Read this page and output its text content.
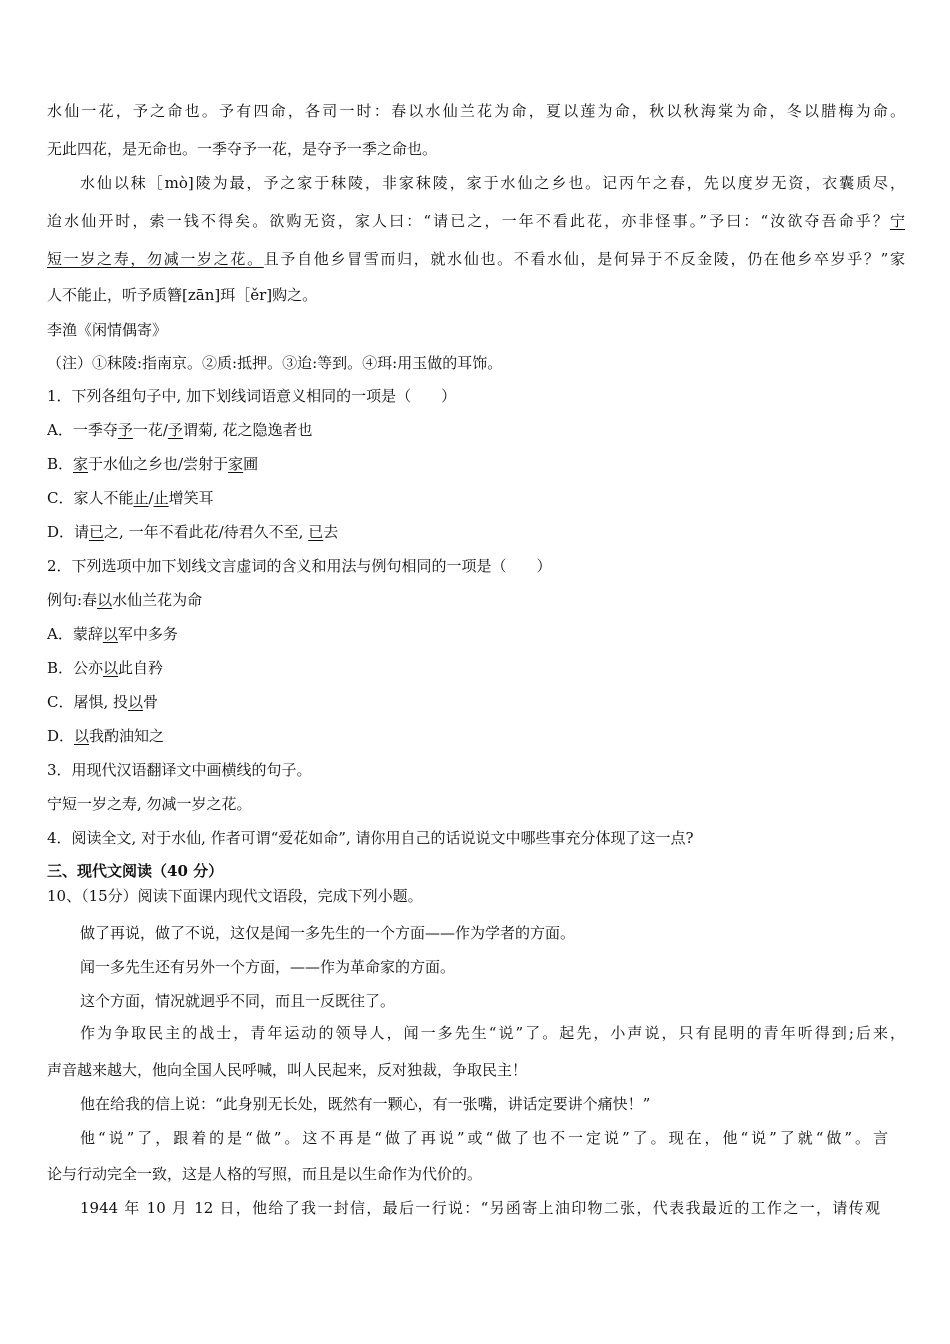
水仙一花，予之命也。予有四命，各司一时：春以水仙兰花为命，夏以莲为命，秋以秋海棠为命，冬以腊梅为命。
无此四花，是无命也。一季夺予一花，是夺予一季之命也。
水仙以秣［mò]陵为最，予之家于秣陵，非家秣陵，家于水仙之乡也。记丙午之春，先以度岁无资，衣囊质尽，
迨水仙开时，索一钱不得矣。欲购无资，家人曰：“请已之，一年不看此花，亦非怪事。”予曰：“汝欲夺吾命乎？宁
短一岁之寿，勿减一岁之花。且予自他乡冒雪而归，就水仙也。不看水仙，是何异于不反金陵，仍在他乡卒岁乎？”家
人不能止，听予质簪[zān]珥［ěr]购之。
李渔《闲情偶寄》
（注）①秣陵:指南京。②质:抵押。③迨:等到。④珥:用玉做的耳饰。
1．下列各组句子中, 加下划线词语意义相同的一项是（　　）
A．一季夺予一花/予谓菊, 花之隐逸者也
B．家于水仙之乡也/尝射于家圃
C．家人不能止/止增笑耳
D．请已之, 一年不看此花/待君久不至, 已去
2．下列选项中加下划线文言虚词的含义和用法与例句相同的一项是（　　）
例句:春以水仙兰花为命
A．蒙辞以军中多务
B．公亦以此自矜
C．屠惧, 投以骨
D．以我酌油知之
3．用现代汉语翻译文中画横线的句子。
宁短一岁之寿, 勿减一岁之花。
4．阅读全文, 对于水仙, 作者可谓“爱花如命”, 请你用自己的话说说文中哪些事充分体现了这一点?
三、现代文阅读（40 分）
10、（15分）阅读下面课内现代文语段，完成下列小题。
做了再说，做了不说，这仅是闻一多先生的一个方面——作为学者的方面。
闻一多先生还有另外一个方面，——作为革命家的方面。
这个方面，情况就迥乎不同，而且一反既往了。
作为争取民主的战士，青年运动的领导人，闻一多先生“说”了。起先，小声说，只有昆明的青年听得到;后来，
声音越来越大，他向全国人民呼喊，叫人民起来，反对独裁，争取民主！
他在给我的信上说：“此身别无长处，既然有一颗心，有一张嘴，讲话定要讲个痛快！”
他“说”了，跟着的是“做”。这不再是“做了再说”或“做了也不一定说”了。现在，他“说”了就“做”。言
论与行动完全一致，这是人格的写照，而且是以生命作为代价的。
1944 年 10 月 12 日，他给了我一封信，最后一行说：“另函寄上油印物二张，代表我最近的工作之一，请传观
